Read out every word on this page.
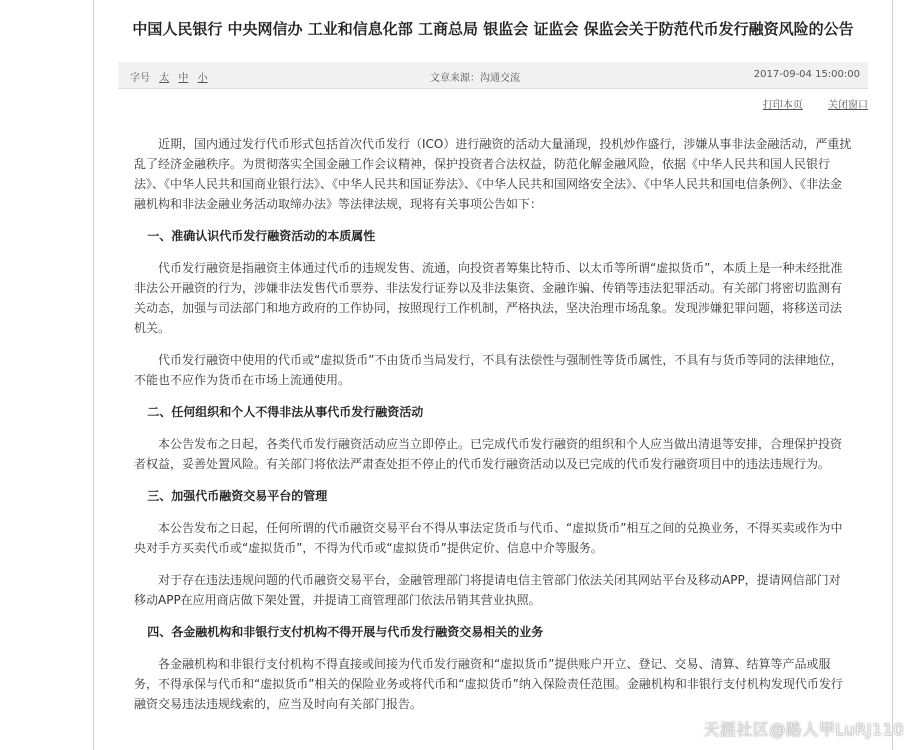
中国人民银行 中央网信办 工业和信息化部 工商总局 银监会 证监会 保监会关于防范代币发行融资风险的公告
字号 太 中 小	文章来源：沟通交流	2017-09-04 15:00:00
打印本页	关闭窗口

近期，国内通过发行代币形式包括首次代币发行（ICO）进行融资的活动大量涌现，投机炒作盛行，涉嫌从事非法金融活动，严重扰乱了经济金融秩序。为贯彻落实全国金融工作会议精神，保护投资者合法权益，防范化解金融风险，依据《中华人民共和国人民银行法》、《中华人民共和国商业银行法》、《中华人民共和国证券法》、《中华人民共和国网络安全法》、《中华人民共和国电信条例》、《非法金融机构和非法金融业务活动取缔办法》等法律法规，现将有关事项公告如下：

一、准确认识代币发行融资活动的本质属性

代币发行融资是指融资主体通过代币的违规发售、流通，向投资者筹集比特币、以太币等所谓“虚拟货币”，本质上是一种未经批准非法公开融资的行为，涉嫌非法发售代币票券、非法发行证券以及非法集资、金融诈骗、传销等违法犯罪活动。有关部门将密切监测有关动态，加强与司法部门和地方政府的工作协同，按照现行工作机制，严格执法，坚决治理市场乱象。发现涉嫌犯罪问题，将移送司法机关。

代币发行融资中使用的代币或“虚拟货币”不由货币当局发行，不具有法偿性与强制性等货币属性，不具有与货币等同的法律地位，不能也不应作为货币在市场上流通使用。

二、任何组织和个人不得非法从事代币发行融资活动

本公告发布之日起，各类代币发行融资活动应当立即停止。已完成代币发行融资的组织和个人应当做出清退等安排，合理保护投资者权益，妥善处置风险。有关部门将依法严肃查处拒不停止的代币发行融资活动以及已完成的代币发行融资项目中的违法违规行为。

三、加强代币融资交易平台的管理

本公告发布之日起，任何所谓的代币融资交易平台不得从事法定货币与代币、“虚拟货币”相互之间的兑换业务，不得买卖或作为中央对手方买卖代币或“虚拟货币”，不得为代币或“虚拟货币”提供定价、信息中介等服务。

对于存在违法违规问题的代币融资交易平台，金融管理部门将提请电信主管部门依法关闭其网站平台及移动APP，提请网信部门对移动APP在应用商店做下架处置，并提请工商管理部门依法吊销其营业执照。

四、各金融机构和非银行支付机构不得开展与代币发行融资交易相关的业务

各金融机构和非银行支付机构不得直接或间接为代币发行融资和“虚拟货币”提供账户开立、登记、交易、清算、结算等产品或服务，不得承保与代币和“虚拟货币”相关的保险业务或将代币和“虚拟货币”纳入保险责任范围。金融机构和非银行支付机构发现代币发行融资交易违法违规线索的，应当及时向有关部门报告。

天涯社区@路人甲LuRJ110
